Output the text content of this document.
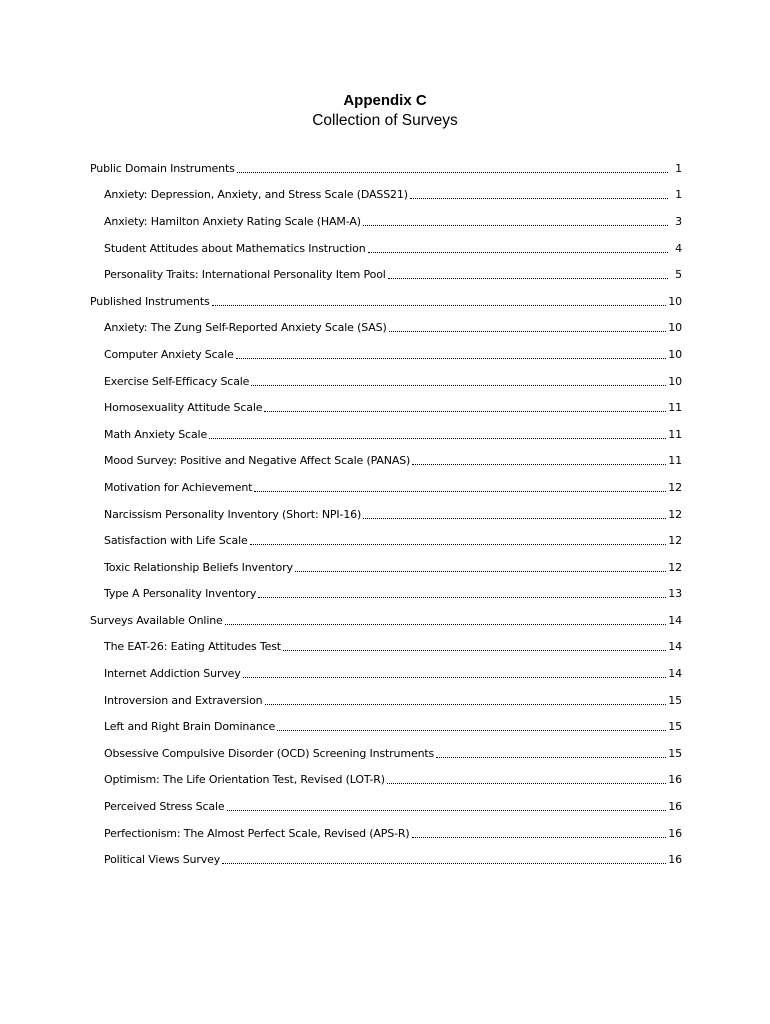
Appendix C
Collection of Surveys
Public Domain Instruments	1
Anxiety: Depression, Anxiety, and Stress Scale (DASS21)	1
Anxiety: Hamilton Anxiety Rating Scale (HAM-A)	3
Student Attitudes about Mathematics Instruction	4
Personality Traits: International Personality Item Pool	5
Published Instruments	10
Anxiety: The Zung Self-Reported Anxiety Scale (SAS)	10
Computer Anxiety Scale	10
Exercise Self-Efficacy Scale	10
Homosexuality Attitude Scale	11
Math Anxiety Scale	11
Mood Survey: Positive and Negative Affect Scale (PANAS)	11
Motivation for Achievement	12
Narcissism Personality Inventory (Short: NPI-16)	12
Satisfaction with Life Scale	12
Toxic Relationship Beliefs Inventory	12
Type A Personality Inventory	13
Surveys Available Online	14
The EAT-26: Eating Attitudes Test	14
Internet Addiction Survey	14
Introversion and Extraversion	15
Left and Right Brain Dominance	15
Obsessive Compulsive Disorder (OCD) Screening Instruments	15
Optimism: The Life Orientation Test, Revised (LOT-R)	16
Perceived Stress Scale	16
Perfectionism: The Almost Perfect Scale, Revised (APS-R)	16
Political Views Survey	16
